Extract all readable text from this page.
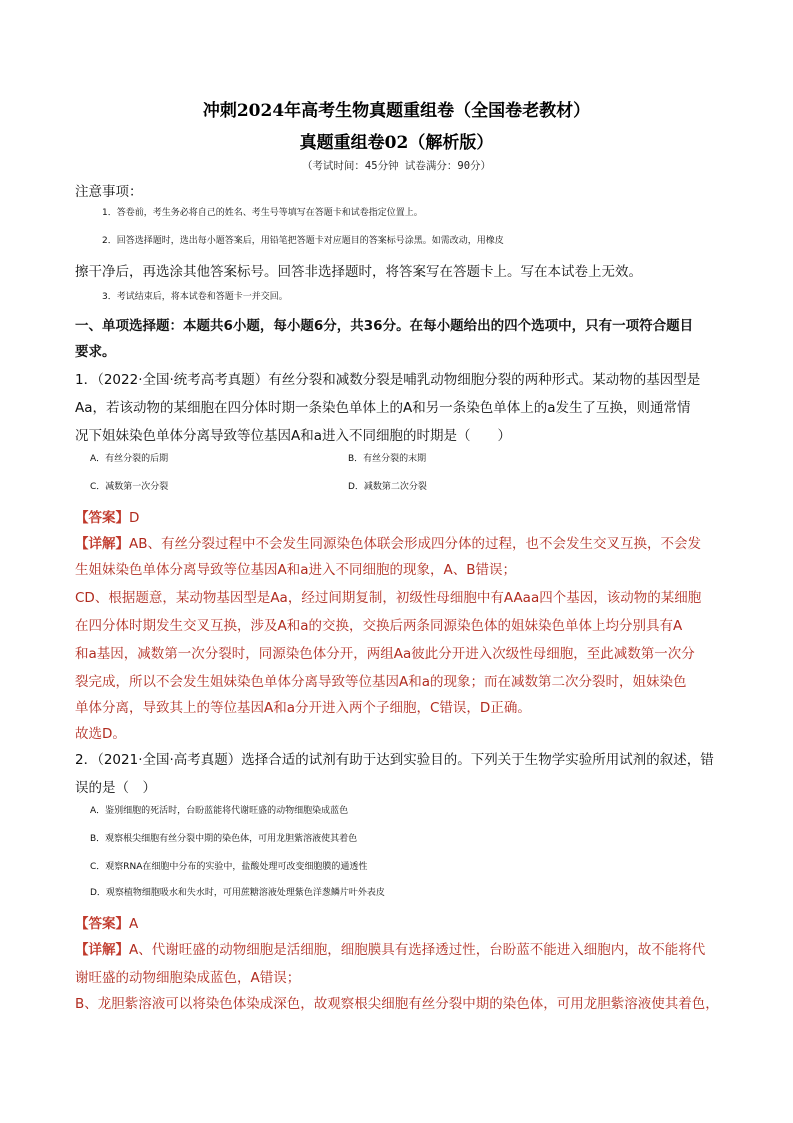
冲刺2024年高考生物真题重组卷（全国卷老教材）
真题重组卷02（解析版）
（考试时间：45分钟 试卷满分：90分）
注意事项：
1．答卷前，考生务必将自己的姓名、考生号等填写在答题卡和试卷指定位置上。
2．回答选择题时，选出每小题答案后，用铅笔把答题卡对应题目的答案标号涂黑。如需改动，用橡皮
擦干净后，再选涂其他答案标号。回答非选择题时，将答案写在答题卡上。写在本试卷上无效。
3．考试结束后，将本试卷和答题卡一并交回。
一、单项选择题：本题共6小题，每小题6分，共36分。在每小题给出的四个选项中，只有一项符合题目
要求。
1．（2022·全国·统考高考真题）有丝分裂和减数分裂是哺乳动物细胞分裂的两种形式。某动物的基因型是
Aa，若该动物的某细胞在四分体时期一条染色单体上的A和另一条染色单体上的a发生了互换，则通常情
况下姐妹染色单体分离导致等位基因A和a进入不同细胞的时期是（　　）
A．有丝分裂的后期	B．有丝分裂的末期
C．减数第一次分裂	D．减数第二次分裂
【答案】D
【详解】AB、有丝分裂过程中不会发生同源染色体联会形成四分体的过程，也不会发生交叉互换，不会发
生姐妹染色单体分离导致等位基因A和a进入不同细胞的现象，A、B错误；
CD、根据题意，某动物基因型是Aa，经过间期复制，初级性母细胞中有AAaa四个基因，该动物的某细胞
在四分体时期发生交叉互换，涉及A和a的交换，交换后两条同源染色体的姐妹染色单体上均分别具有A
和a基因，减数第一次分裂时，同源染色体分开，两组Aa彼此分开进入次级性母细胞，至此减数第一次分
裂完成，所以不会发生姐妹染色单体分离导致等位基因A和a的现象；而在减数第二次分裂时，姐妹染色
单体分离，导致其上的等位基因A和a分开进入两个子细胞，C错误，D正确。
故选D。
2．（2021·全国·高考真题）选择合适的试剂有助于达到实验目的。下列关于生物学实验所用试剂的叙述，错
误的是（　）
A．鉴别细胞的死活时，台盼蓝能将代谢旺盛的动物细胞染成蓝色
B．观察根尖细胞有丝分裂中期的染色体，可用龙胆紫溶液使其着色
C．观察RNA在细胞中分布的实验中，盐酸处理可改变细胞膜的通透性
D．观察植物细胞吸水和失水时，可用蔗糖溶液处理紫色洋葱鳞片叶外表皮
【答案】A
【详解】A、代谢旺盛的动物细胞是活细胞，细胞膜具有选择透过性，台盼蓝不能进入细胞内，故不能将代
谢旺盛的动物细胞染成蓝色，A错误；
B、龙胆紫溶液可以将染色体染成深色，故观察根尖细胞有丝分裂中期的染色体，可用龙胆紫溶液使其着色，
